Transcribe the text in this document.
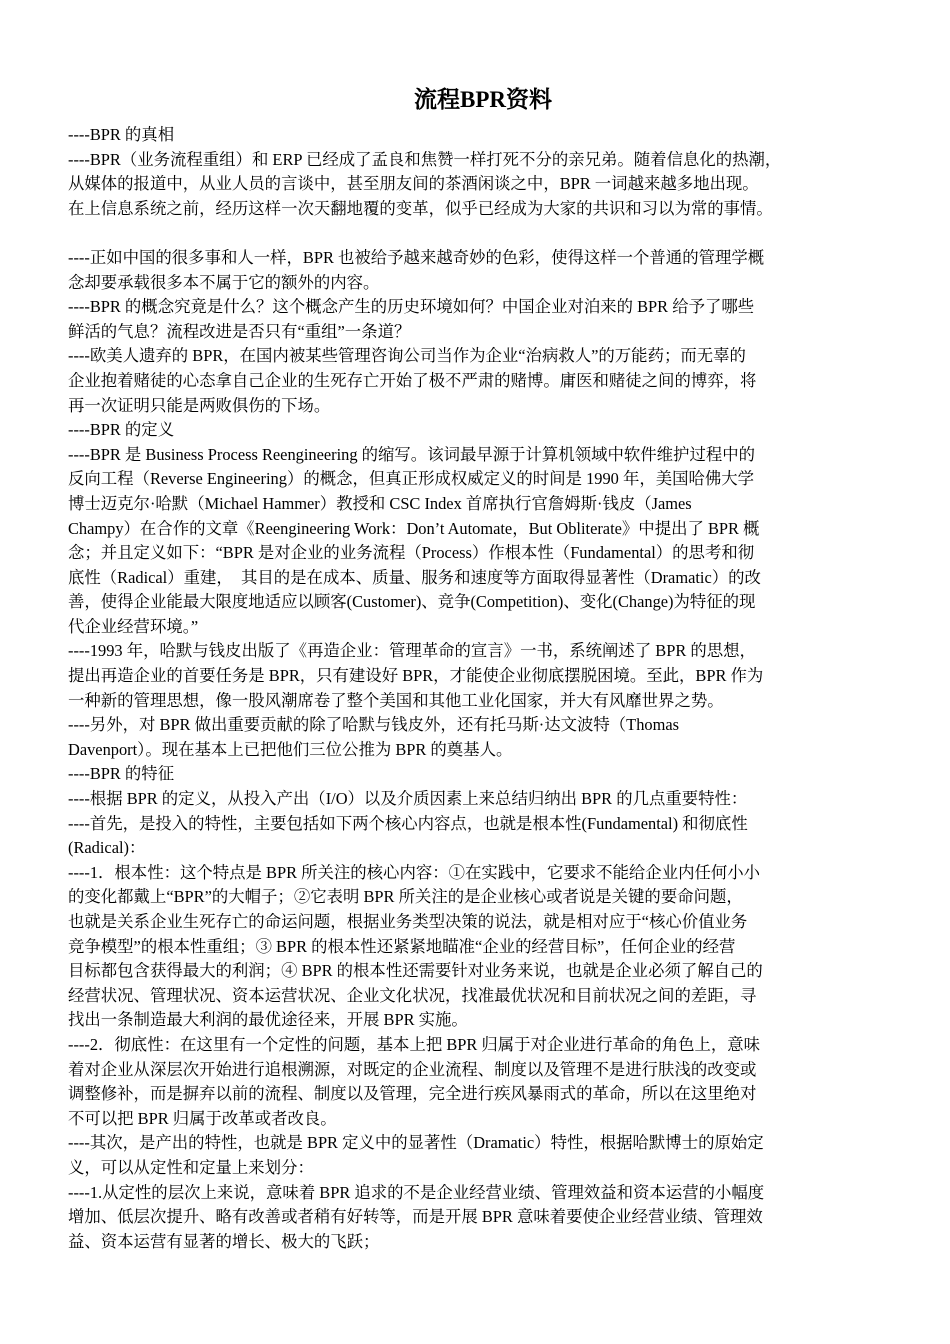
流程BPR资料

----BPR 的真相

----BPR（业务流程重组）和 ERP 已经成了孟良和焦赞一样打死不分的亲兄弟。随着信息化的热潮，
从媒体的报道中，从业人员的言谈中，甚至朋友间的茶酒闲谈之中，BPR 一词越来越多地出现。
在上信息系统之前，经历这样一次天翻地覆的变革，似乎已经成为大家的共识和习以为常的事情。

----正如中国的很多事和人一样，BPR 也被给予越来越奇妙的色彩，使得这样一个普通的管理学概
念却要承载很多本不属于它的额外的内容。

----BPR 的概念究竟是什么？这个概念产生的历史环境如何？中国企业对泊来的 BPR 给予了哪些
鲜活的气息？流程改进是否只有“重组”一条道？

----欧美人遗弃的 BPR，在国内被某些管理咨询公司当作为企业“治病救人”的万能药；而无辜的
企业抱着赌徒的心态拿自己企业的生死存亡开始了极不严肃的赌博。庸医和赌徒之间的博弈，将
再一次证明只能是两败俱伤的下场。

----BPR 的定义

----BPR 是 Business Process Reengineering 的缩写。该词最早源于计算机领域中软件维护过程中的
反向工程（Reverse Engineering）的概念，但真正形成权威定义的时间是 1990 年，美国哈佛大学
博士迈克尔·哈默（Michael Hammer）教授和 CSC Index 首席执行官詹姆斯·钱皮（James
Champy）在合作的文章《Reengineering Work：Don’t Automate，But Obliterate》中提出了 BPR 概
念；并且定义如下：“BPR 是对企业的业务流程（Process）作根本性（Fundamental）的思考和彻
底性（Radical）重建，  其目的是在成本、质量、服务和速度等方面取得显著性（Dramatic）的改
善，使得企业能最大限度地适应以顾客(Customer)、竞争(Competition)、变化(Change)为特征的现
代企业经营环境。”

----1993 年，哈默与钱皮出版了《再造企业：管理革命的宣言》一书，系统阐述了 BPR 的思想，
提出再造企业的首要任务是 BPR，只有建设好 BPR，才能使企业彻底摆脱困境。至此，BPR 作为
一种新的管理思想，像一股风潮席卷了整个美国和其他工业化国家，并大有风靡世界之势。

----另外，对 BPR 做出重要贡献的除了哈默与钱皮外，还有托马斯·达文波特（Thomas
Davenport）。现在基本上已把他们三位公推为 BPR 的奠基人。

----BPR 的特征

----根据 BPR 的定义，从投入产出（I/O）以及介质因素上来总结归纳出 BPR 的几点重要特性：

----首先，是投入的特性，主要包括如下两个核心内容点，也就是根本性(Fundamental) 和彻底性
(Radical)：

----1．根本性：这个特点是 BPR 所关注的核心内容：①在实践中，它要求不能给企业内任何小小
的变化都戴上“BPR”的大帽子；②它表明 BPR 所关注的是企业核心或者说是关键的要命问题，
也就是关系企业生死存亡的命运问题，根据业务类型决策的说法，就是相对应于“核心价值业务
竞争模型”的根本性重组；③ BPR 的根本性还紧紧地瞄准“企业的经营目标”，任何企业的经营
目标都包含获得最大的利润；④ BPR 的根本性还需要针对业务来说，也就是企业必须了解自己的
经营状况、管理状况、资本运营状况、企业文化状况，找准最优状况和目前状况之间的差距，寻
找出一条制造最大利润的最优途径来，开展 BPR 实施。

----2．彻底性：在这里有一个定性的问题，基本上把 BPR 归属于对企业进行革命的角色上，意味
着对企业从深层次开始进行追根溯源，对既定的企业流程、制度以及管理不是进行肤浅的改变或
调整修补，而是摒弃以前的流程、制度以及管理，完全进行疾风暴雨式的革命，所以在这里绝对
不可以把 BPR 归属于改革或者改良。

----其次，是产出的特性，也就是 BPR 定义中的显著性（Dramatic）特性，根据哈默博士的原始定
义，可以从定性和定量上来划分：

----1.从定性的层次上来说，意味着 BPR 追求的不是企业经营业绩、管理效益和资本运营的小幅度
增加、低层次提升、略有改善或者稍有好转等，而是开展 BPR 意味着要使企业经营业绩、管理效
益、资本运营有显著的增长、极大的飞跃；
